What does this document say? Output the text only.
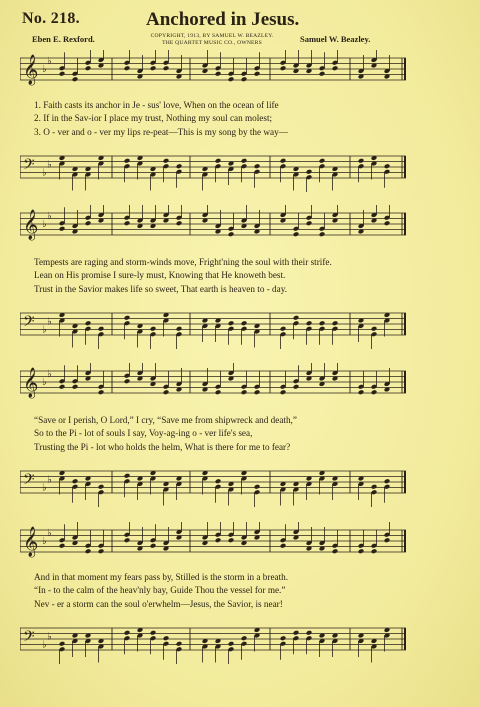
No. 218.	Anchored in Jesus.
Eben E. Rexford.	COPYRIGHT, 1913, BY SAMUEL W. BEAZLEY.
THE QUARTET MUSIC CO., OWNERS	Samuel W. Beazley.
𝄞 ♭
♭
1. Faith casts its anchor in Je - sus' love, When on the ocean of life
2. If in the Sav-ior I place my trust, Nothing my soul can molest;
3. O - ver and o - ver my lips re-peat—This is my song by the way—
𝄢 ♭
♭
𝄞 ♭
♭
Tempests are raging and storm-winds move, Fright'ning the soul with their strife.
Lean on His promise I sure-ly must, Knowing that He knoweth best.
Trust in the Savior makes life so sweet, That earth is heaven to - day.
𝄢 ♭
♭
𝄞 ♭
♭
“Save or I perish, O Lord,” I cry, “Save me from shipwreck and death,”
So to the Pi - lot of souls I say, Voy-ag-ing o - ver life's sea,
Trusting the Pi - lot who holds the helm, What is there for me to fear?
𝄢 ♭
♭
𝄞 ♭
♭
And in that moment my fears pass by, Stilled is the storm in a breath.
“In - to the calm of the heav'nly bay, Guide Thou the vessel for me.”
Nev - er a storm can the soul o'erwhelm—Jesus, the Savior, is near!
𝄢 ♭
♭
